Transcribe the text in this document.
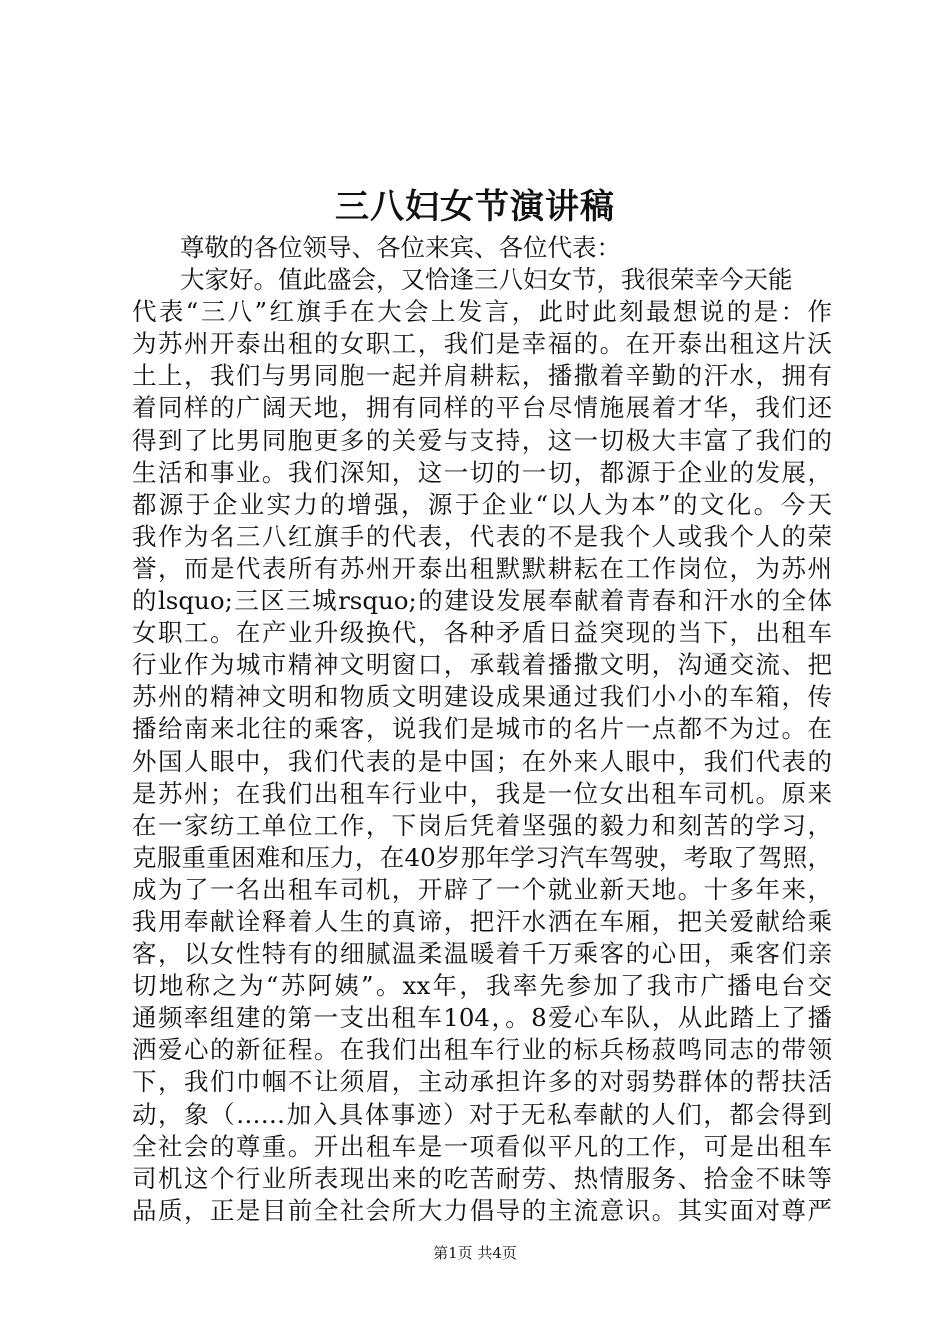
三八妇女节演讲稿
尊敬的各位领导、各位来宾、各位代表：
大家好。值此盛会，又恰逢三八妇女节，我很荣幸今天能
代表“三八”红旗手在大会上发言，此时此刻最想说的是：作
为苏州开泰出租的女职工，我们是幸福的。在开泰出租这片沃
土上，我们与男同胞一起并肩耕耘，播撒着辛勤的汗水，拥有
着同样的广阔天地，拥有同样的平台尽情施展着才华，我们还
得到了比男同胞更多的关爱与支持，这一切极大丰富了我们的
生活和事业。我们深知，这一切的一切，都源于企业的发展，
都源于企业实力的增强，源于企业“以人为本”的文化。今天
我作为名三八红旗手的代表，代表的不是我个人或我个人的荣
誉，而是代表所有苏州开泰出租默默耕耘在工作岗位，为苏州
的lsquo;三区三城rsquo;的建设发展奉献着青春和汗水的全体
女职工。在产业升级换代，各种矛盾日益突现的当下，出租车
行业作为城市精神文明窗口，承载着播撒文明，沟通交流、把
苏州的精神文明和物质文明建设成果通过我们小小的车箱，传
播给南来北往的乘客，说我们是城市的名片一点都不为过。在
外国人眼中，我们代表的是中国；在外来人眼中，我们代表的
是苏州；在我们出租车行业中，我是一位女出租车司机。原来
在一家纺工单位工作，下岗后凭着坚强的毅力和刻苦的学习，
克服重重困难和压力，在40岁那年学习汽车驾驶，考取了驾照，
成为了一名出租车司机，开辟了一个就业新天地。十多年来，
我用奉献诠释着人生的真谛，把汗水洒在车厢，把关爱献给乘
客，以女性特有的细腻温柔温暖着千万乘客的心田，乘客们亲
切地称之为“苏阿姨”。xx年，我率先参加了我市广播电台交
通频率组建的第一支出租车104，。8爱心车队，从此踏上了播
洒爱心的新征程。在我们出租车行业的标兵杨菽鸣同志的带领
下，我们巾帼不让须眉，主动承担许多的对弱势群体的帮扶活
动，象（……加入具体事迹）对于无私奉献的人们，都会得到
全社会的尊重。开出租车是一项看似平凡的工作，可是出租车
司机这个行业所表现出来的吃苦耐劳、热情服务、拾金不昧等
品质，正是目前全社会所大力倡导的主流意识。其实面对尊严
第1页 共4页
